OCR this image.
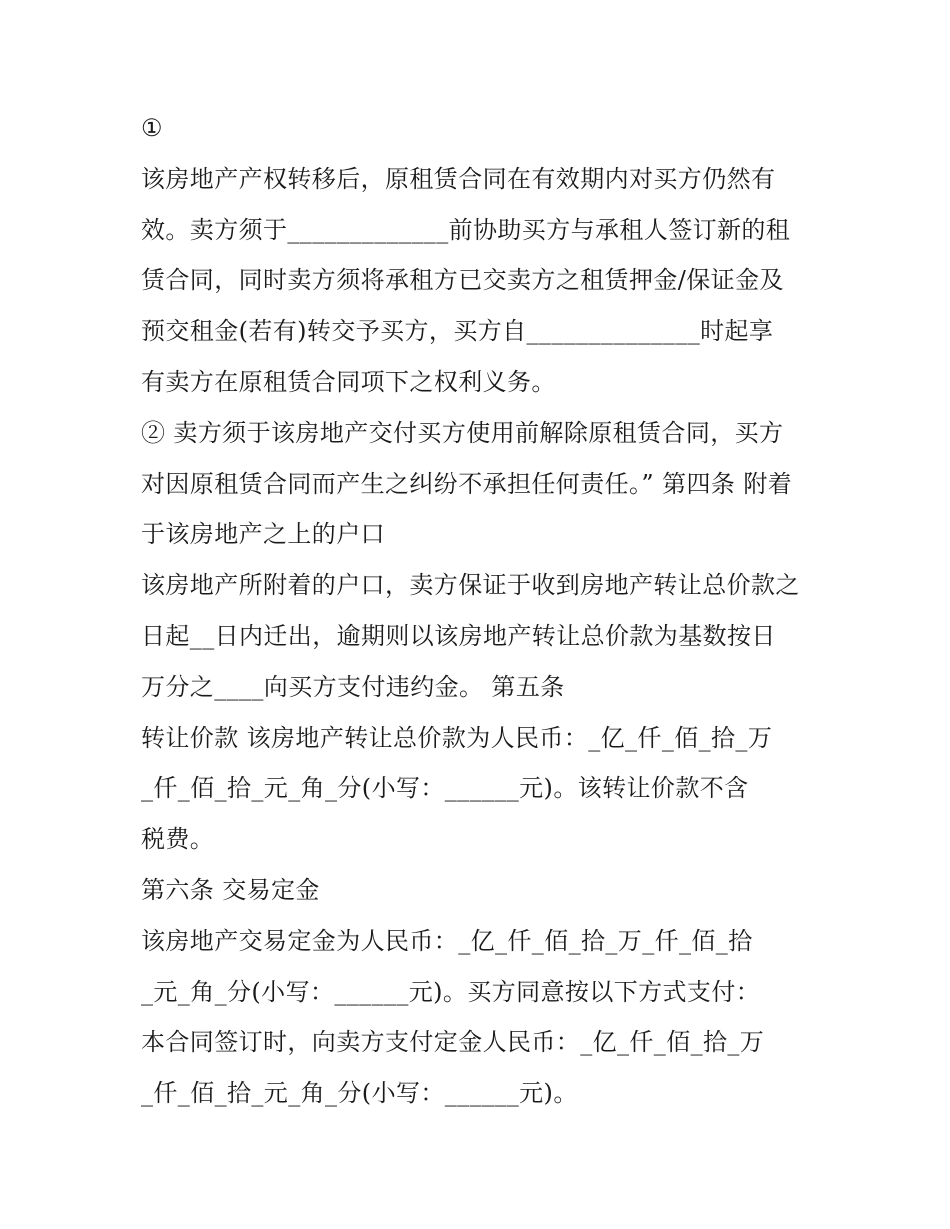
①
该房地产产权转移后，原租赁合同在有效期内对买方仍然有
效。卖方须于_____________前协助买方与承租人签订新的租
赁合同，同时卖方须将承租方已交卖方之租赁押金/保证金及
预交租金(若有)转交予买方，买方自______________时起享
有卖方在原租赁合同项下之权利义务。
② 卖方须于该房地产交付买方使用前解除原租赁合同，买方
对因原租赁合同而产生之纠纷不承担任何责任。” 第四条 附着
于该房地产之上的户口
该房地产所附着的户口，卖方保证于收到房地产转让总价款之
日起__日内迁出，逾期则以该房地产转让总价款为基数按日
万分之____向买方支付违约金。 第五条
转让价款 该房地产转让总价款为人民币：_亿_仟_佰_拾_万
_仟_佰_拾_元_角_分(小写：______元)。该转让价款不含
税费。
第六条 交易定金
该房地产交易定金为人民币：_亿_仟_佰_拾_万_仟_佰_拾
_元_角_分(小写：______元)。买方同意按以下方式支付：
本合同签订时，向卖方支付定金人民币：_亿_仟_佰_拾_万
_仟_佰_拾_元_角_分(小写：______元)。
